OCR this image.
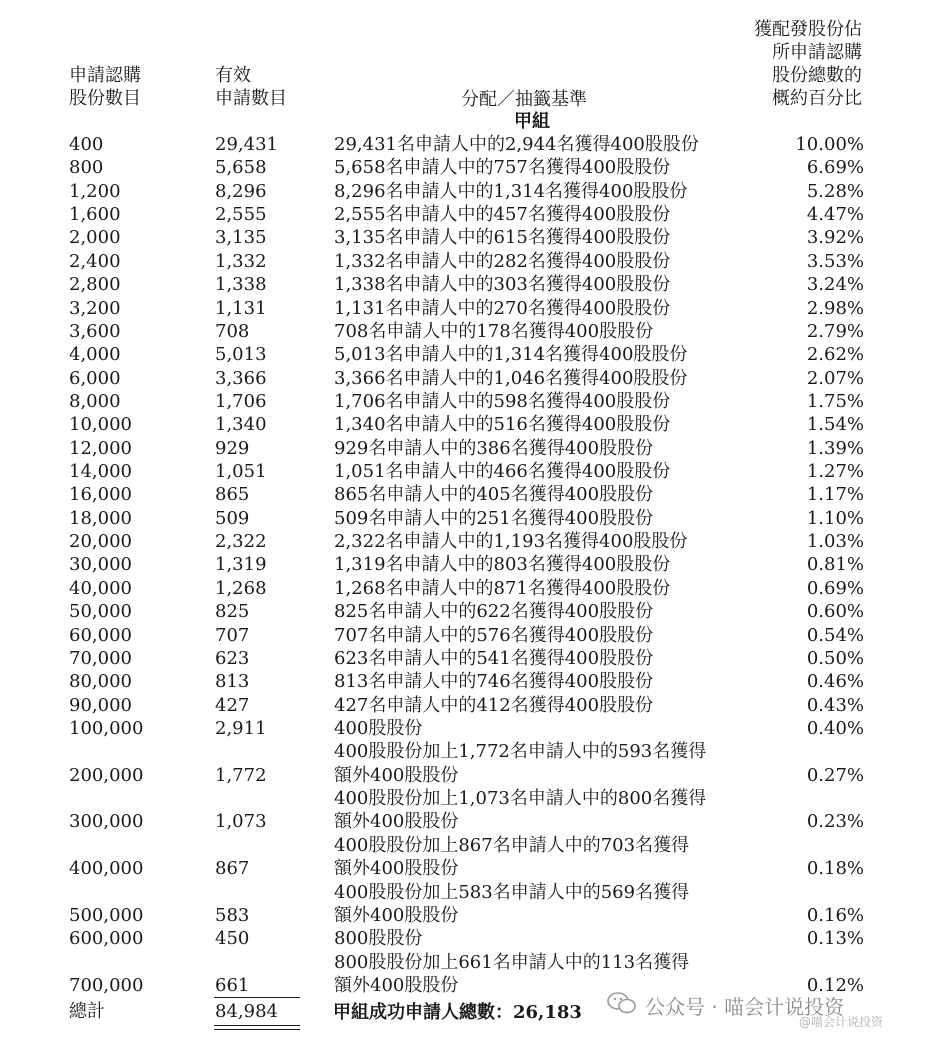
申請認購
股份數目
有效
申請數目	分配／抽籤基準
甲組
獲配發股份佔
所申請認購
股份總數的
概約百分比
400	29,431	29,431名申請人中的2,944名獲得400股股份	10.00%
800	5,658	5,658名申請人中的757名獲得400股股份	6.69%
1,200	8,296	8,296名申請人中的1,314名獲得400股股份	5.28%
1,600	2,555	2,555名申請人中的457名獲得400股股份	4.47%
2,000	3,135	3,135名申請人中的615名獲得400股股份	3.92%
2,400	1,332	1,332名申請人中的282名獲得400股股份	3.53%
2,800	1,338	1,338名申請人中的303名獲得400股股份	3.24%
3,200	1,131	1,131名申請人中的270名獲得400股股份	2.98%
3,600	708	708名申請人中的178名獲得400股股份	2.79%
4,000	5,013	5,013名申請人中的1,314名獲得400股股份	2.62%
6,000	3,366	3,366名申請人中的1,046名獲得400股股份	2.07%
8,000	1,706	1,706名申請人中的598名獲得400股股份	1.75%
10,000	1,340	1,340名申請人中的516名獲得400股股份	1.54%
12,000	929	929名申請人中的386名獲得400股股份	1.39%
14,000	1,051	1,051名申請人中的466名獲得400股股份	1.27%
16,000	865	865名申請人中的405名獲得400股股份	1.17%
18,000	509	509名申請人中的251名獲得400股股份	1.10%
20,000	2,322	2,322名申請人中的1,193名獲得400股股份	1.03%
30,000	1,319	1,319名申請人中的803名獲得400股股份	0.81%
40,000	1,268	1,268名申請人中的871名獲得400股股份	0.69%
50,000	825	825名申請人中的622名獲得400股股份	0.60%
60,000	707	707名申請人中的576名獲得400股股份	0.54%
70,000	623	623名申請人中的541名獲得400股股份	0.50%
80,000	813	813名申請人中的746名獲得400股股份	0.46%
90,000	427	427名申請人中的412名獲得400股股份	0.43%
100,000	2,911	400股股份	0.40%
200,000	1,772
400股股份加上1,772名申請人中的593名獲得
額外400股股份	0.27%
300,000	1,073
400股股份加上1,073名申請人中的800名獲得
額外400股股份	0.23%
400,000	867
400股股份加上867名申請人中的703名獲得
額外400股股份	0.18%
500,000	583
400股股份加上583名申請人中的569名獲得
額外400股股份	0.16%
600,000	450	800股股份	0.13%
700,000	661
800股股份加上661名申請人中的113名獲得
額外400股股份	0.12%
總計	84,984	甲組成功申請人總數：26,183	公众号 · 喵会计说投资
@喵会计说投资
